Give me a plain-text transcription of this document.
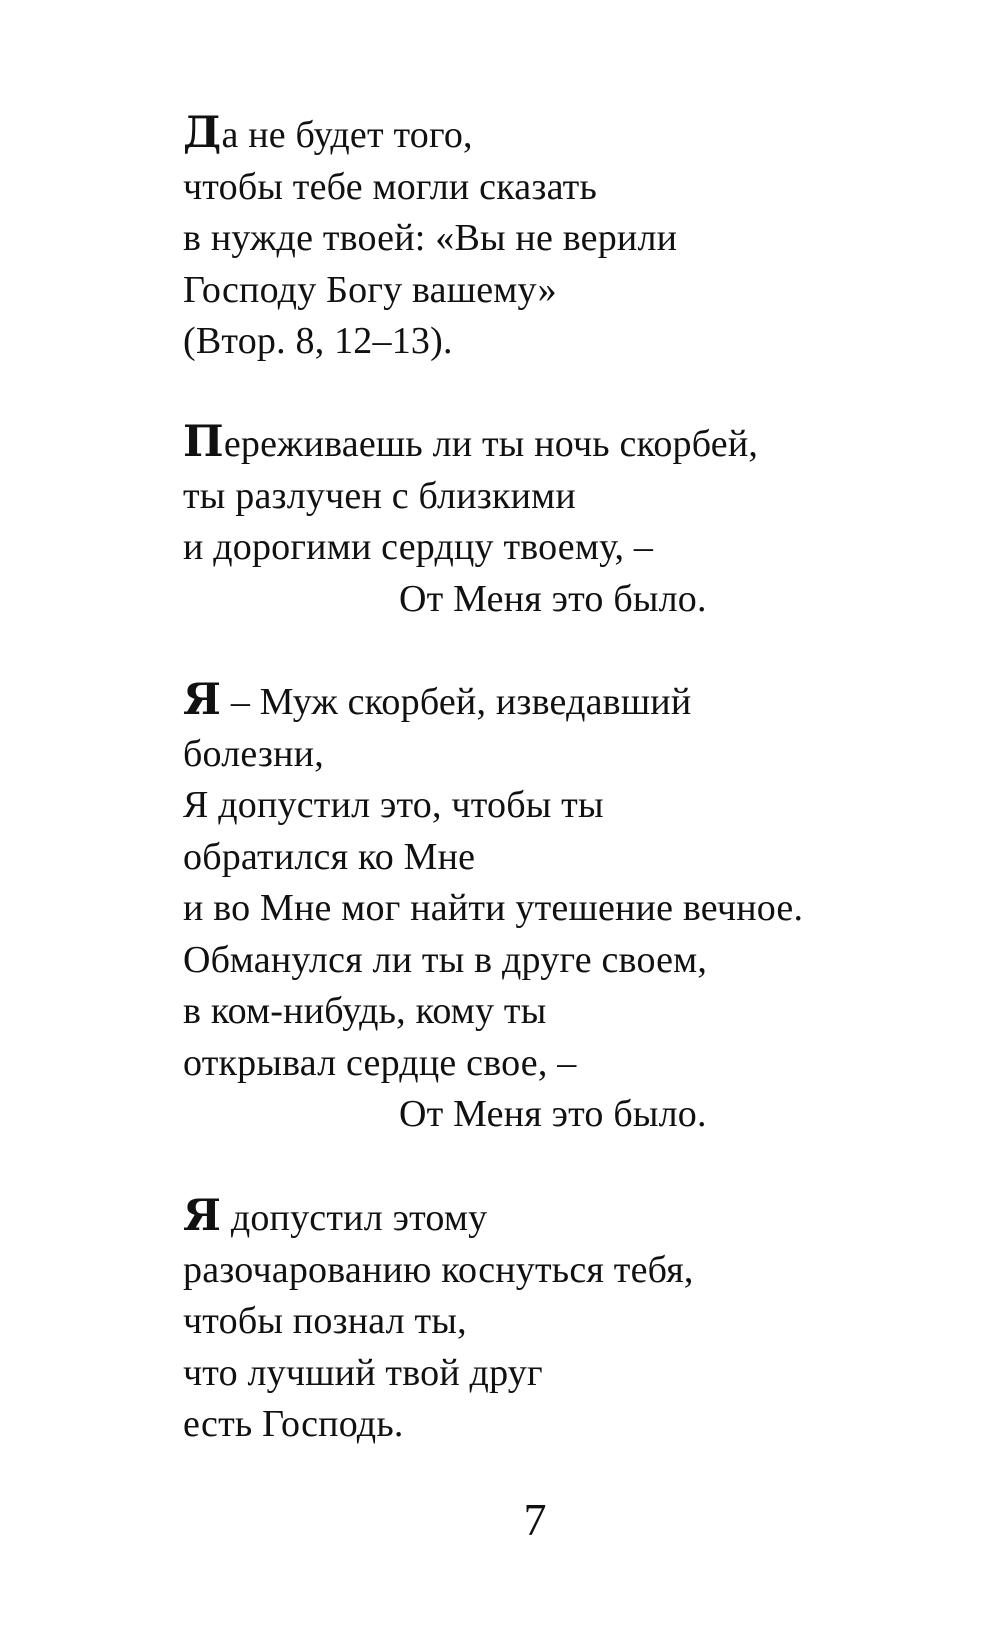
Да не будет того,
чтобы тебе могли сказать
в нужде твоей: «Вы не верили
Господу Богу вашему»
(Втор. 8, 12–13).
Переживаешь ли ты ночь скорбей,
ты разлучен с близкими
и дорогими сердцу твоему, –
От Меня это было.
Я – Муж скорбей, изведавший
болезни,
Я допустил это, чтобы ты
обратился ко Мне
и во Мне мог найти утешение вечное.
Обманулся ли ты в друге своем,
в ком-нибудь, кому ты
открывал сердце свое, –
От Меня это было.
Я допустил этому
разочарованию коснуться тебя,
чтобы познал ты,
что лучший твой друг
есть Господь.
7
